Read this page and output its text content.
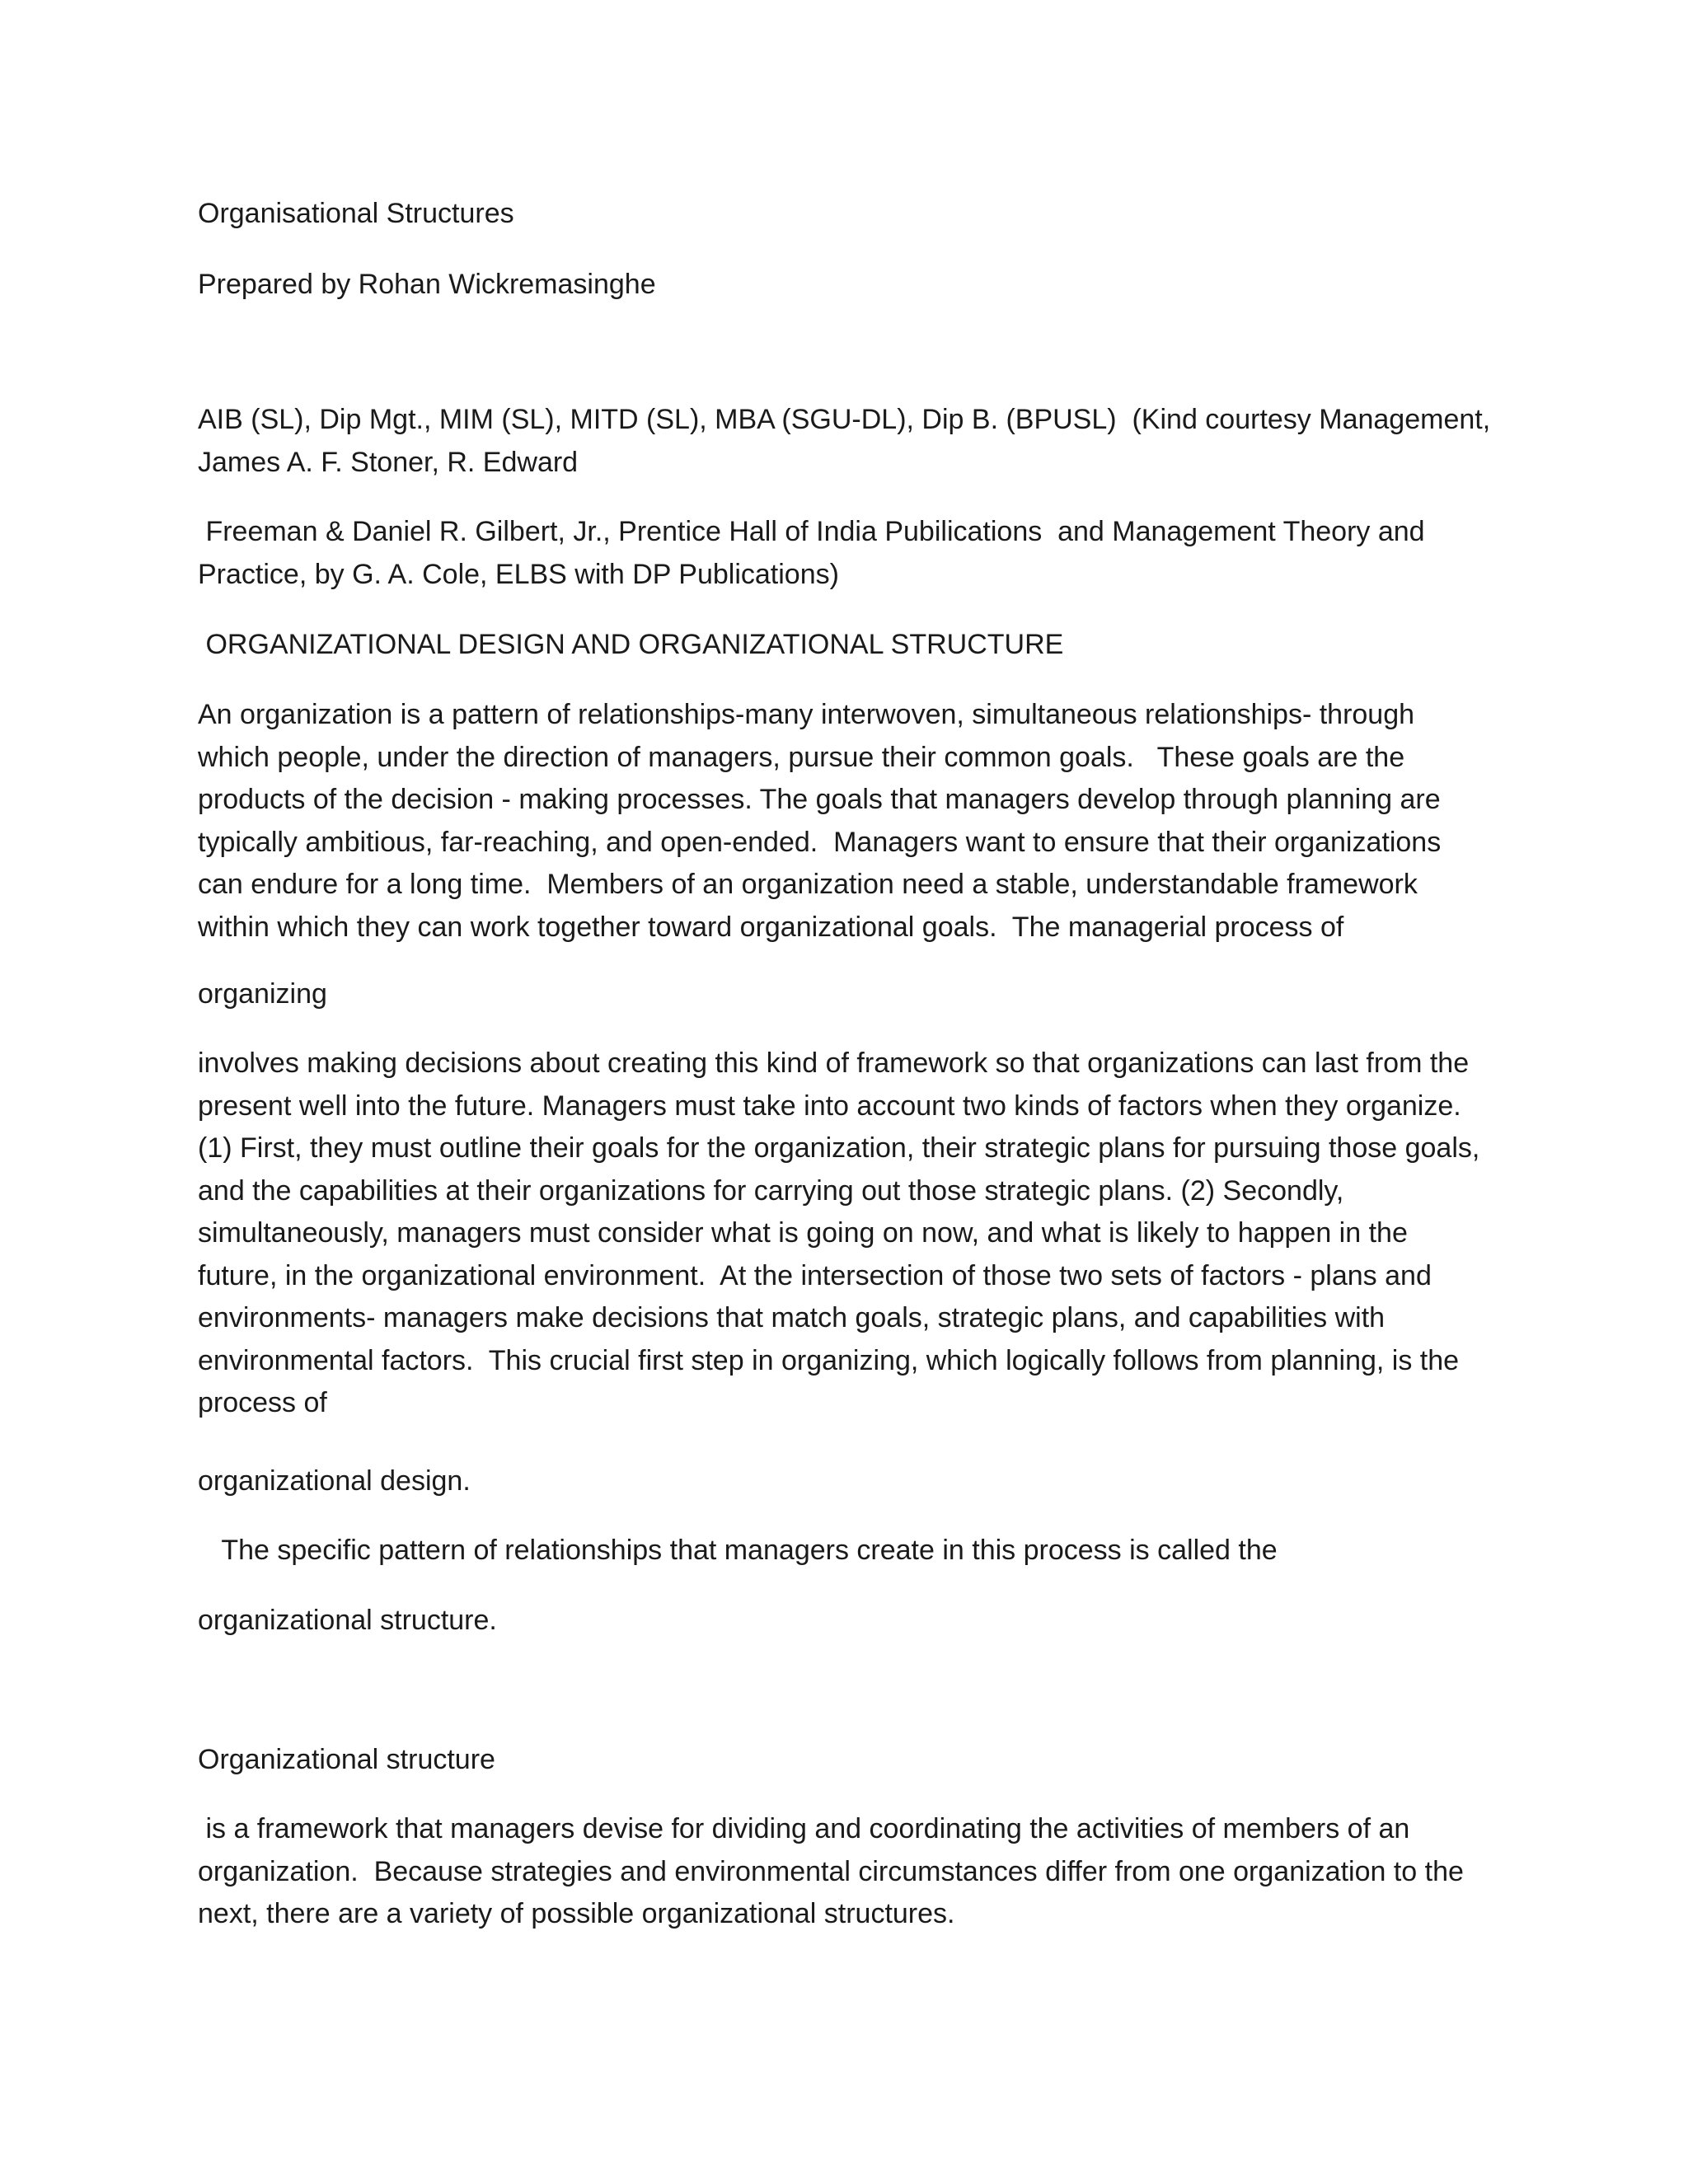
Organisational Structures

Prepared by Rohan Wickremasinghe

AIB (SL), Dip Mgt., MIM (SL), MITD (SL), MBA (SGU-DL), Dip B. (BPUSL)  (Kind courtesy Management, James A. F. Stoner, R. Edward

Freeman & Daniel R. Gilbert, Jr., Prentice Hall of India Pubilications  and Management Theory and Practice, by G. A. Cole, ELBS with DP Publications)

ORGANIZATIONAL DESIGN AND ORGANIZATIONAL STRUCTURE

An organization is a pattern of relationships-many interwoven, simultaneous relationships- through which people, under the direction of managers, pursue their common goals.   These goals are the products of the decision - making processes. The goals that managers develop through planning are typically ambitious, far-reaching, and open-ended.  Managers want to ensure that their organizations can endure for a long time.  Members of an organization need a stable, understandable framework within which they can work together toward organizational goals.  The managerial process of

organizing

involves making decisions about creating this kind of framework so that organizations can last from the present well into the future. Managers must take into account two kinds of factors when they organize.  (1) First, they must outline their goals for the organization, their strategic plans for pursuing those goals, and the capabilities at their organizations for carrying out those strategic plans. (2) Secondly, simultaneously, managers must consider what is going on now, and what is likely to happen in the future, in the organizational environment.  At the intersection of those two sets of factors - plans and environments- managers make decisions that match goals, strategic plans, and capabilities with environmental factors.  This crucial first step in organizing, which logically follows from planning, is the process of

organizational design.

The specific pattern of relationships that managers create in this process is called the

organizational structure.

Organizational structure

is a framework that managers devise for dividing and coordinating the activities of members of an organization.  Because strategies and environmental circumstances differ from one organization to the next, there are a variety of possible organizational structures.
